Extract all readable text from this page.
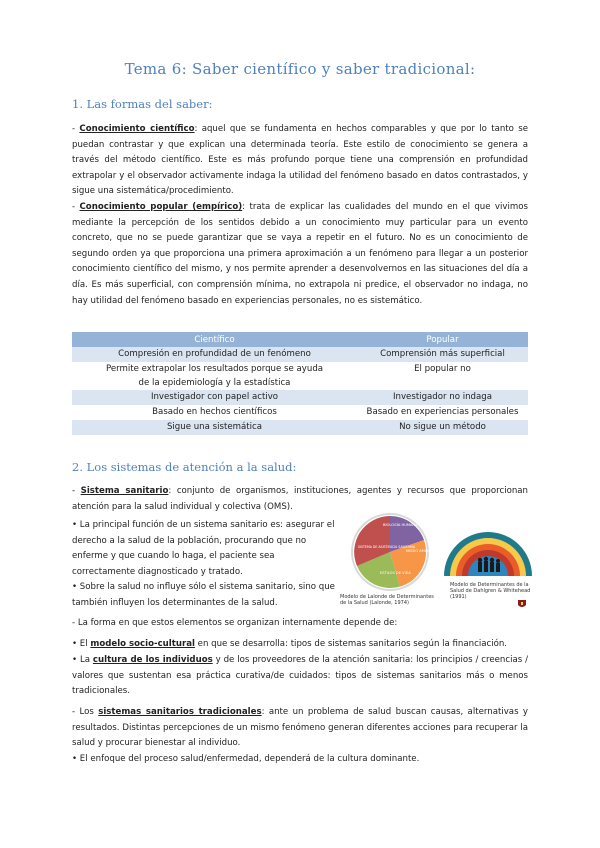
Tema 6: Saber científico y saber tradicional:
1. Las formas del saber:

- Conocimiento científico: aquel que se fundamenta en hechos comparables y que por lo tanto se puedan contrastar y que explican una determinada teoría. Este estilo de conocimiento se genera a través del método científico. Este es más profundo porque tiene una comprensión en profundidad extrapolar y el observador activamente indaga la utilidad del fenómeno basado en datos contrastados, y sigue una sistemática/procedimiento.

- Conocimiento popular (empírico): trata de explicar las cualidades del mundo en el que vivimos mediante la percepción de los sentidos debido a un conocimiento muy particular para un evento concreto, que no se puede garantizar que se vaya a repetir en el futuro. No es un conocimiento de segundo orden ya que proporciona una primera aproximación a un fenómeno para llegar a un posterior conocimiento científico del mismo, y nos permite aprender a desenvolvernos en las situaciones del día a día. Es más superficial, con comprensión mínima, no extrapola ni predice, el observador no indaga, no hay utilidad del fenómeno basado en experiencias personales, no es sistemático.

Científico	Popular
Compresión en profundidad de un fenómeno	Comprensión más superficial
Permite extrapolar los resultados porque se ayuda de la epidemiología y la estadística	El popular no
Investigador con papel activo	Investigador no indaga
Basado en hechos científicos	Basado en experiencias personales
Sigue una sistemática	No sigue un método
2. Los sistemas de atención a la salud:

- Sistema sanitario: conjunto de organismos, instituciones, agentes y recursos que proporcionan atención para la salud individual y colectiva (OMS).

• La principal función de un sistema sanitario es: asegurar el derecho a la salud de la población, procurando que no enferme y que cuando lo haga, el paciente sea correctamente diagnosticado y tratado.

• Sobre la salud no influye sólo el sistema sanitario, sino que también influyen los determinantes de la salud.

BIOLOGÍA HUMANA
MEDIO AMBIENTE
ESTILOS DE VIDA
SISTEMA DE ASISTENCIA SANITARIA
Modelo de Lalonde de Determinantes de la Salud (Lalonde, 1974)
Modelo de Determinantes de la Salud de Dahlgren & Whitehead (1991)

- La forma en que estos elementos se organizan internamente depende de:

• El modelo socio-cultural en que se desarrolla: tipos de sistemas sanitarios según la financiación.

• La cultura de los individuos y de los proveedores de la atención sanitaria: los principios / creencias / valores que sustentan esa práctica curativa/de cuidados: tipos de sistemas sanitarios más o menos tradicionales.

- Los sistemas sanitarios tradicionales: ante un problema de salud buscan causas, alternativas y resultados. Distintas percepciones de un mismo fenómeno generan diferentes acciones para recuperar la salud y procurar bienestar al individuo.

• El enfoque del proceso salud/enfermedad, dependerá de la cultura dominante.
